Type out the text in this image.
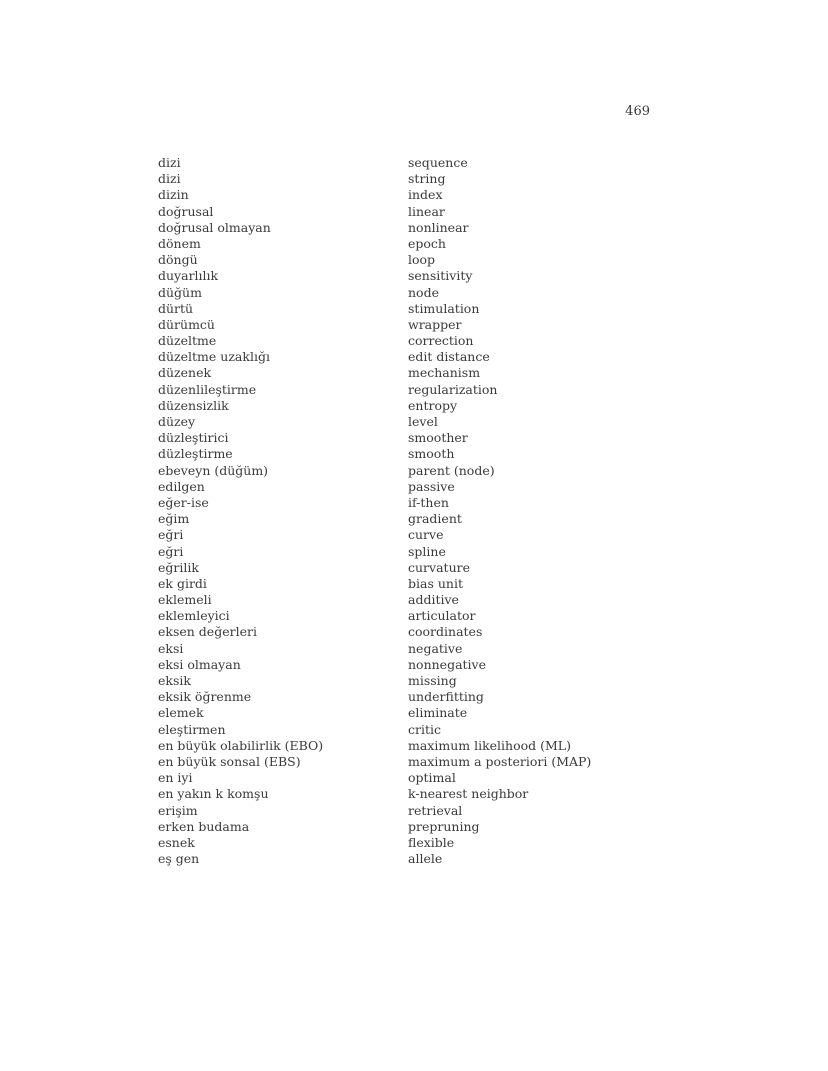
469
dizi	sequence
dizi	string
dizin	index
doğrusal	linear
doğrusal olmayan	nonlinear
dönem	epoch
döngü	loop
duyarlılık	sensitivity
düğüm	node
dürtü	stimulation
dürümcü	wrapper
düzeltme	correction
düzeltme uzaklığı	edit distance
düzenek	mechanism
düzenlileştirme	regularization
düzensizlik	entropy
düzey	level
düzleştirici	smoother
düzleştirme	smooth
ebeveyn (düğüm)	parent (node)
edilgen	passive
eğer-ise	if-then
eğim	gradient
eğri	curve
eğri	spline
eğrilik	curvature
ek girdi	bias unit
eklemeli	additive
eklemleyici	articulator
eksen değerleri	coordinates
eksi	negative
eksi olmayan	nonnegative
eksik	missing
eksik öğrenme	underfitting
elemek	eliminate
eleştirmen	critic
en büyük olabilirlik (EBO)	maximum likelihood (ML)
en büyük sonsal (EBS)	maximum a posteriori (MAP)
en iyi	optimal
en yakın k komşu	k-nearest neighbor
erişim	retrieval
erken budama	prepruning
esnek	flexible
eş gen	allele
